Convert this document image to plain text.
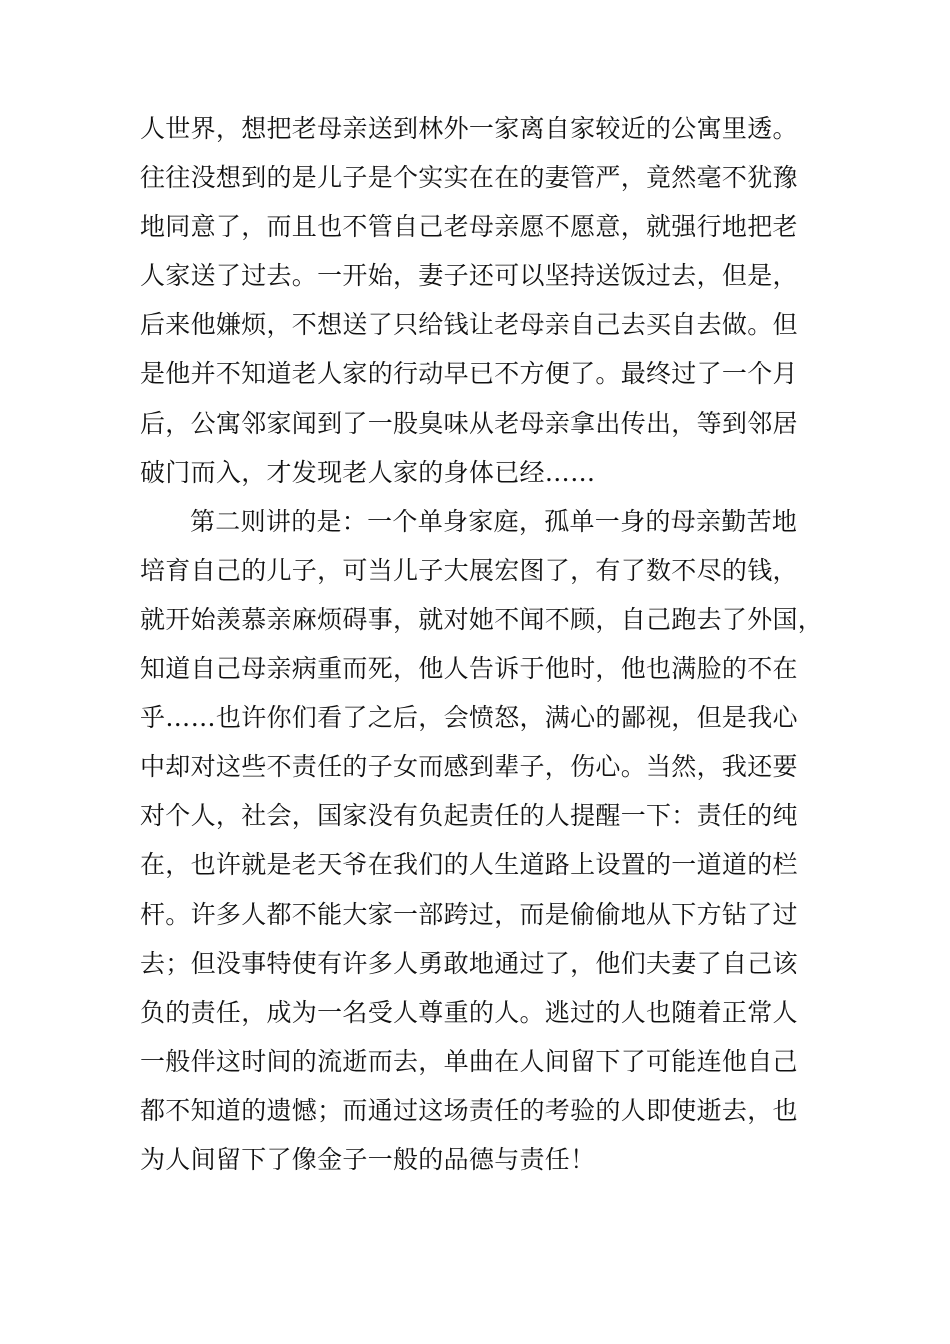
人世界，想把老母亲送到林外一家离自家较近的公寓里透。
往往没想到的是儿子是个实实在在的妻管严，竟然毫不犹豫
地同意了，而且也不管自己老母亲愿不愿意，就强行地把老
人家送了过去。一开始，妻子还可以坚持送饭过去，但是，
后来他嫌烦，不想送了只给钱让老母亲自己去买自去做。但
是他并不知道老人家的行动早已不方便了。最终过了一个月
后，公寓邻家闻到了一股臭味从老母亲拿出传出，等到邻居
破门而入，才发现老人家的身体已经……
第二则讲的是：一个单身家庭，孤单一身的母亲勤苦地
培育自己的儿子，可当儿子大展宏图了，有了数不尽的钱，
就开始羡慕亲麻烦碍事，就对她不闻不顾，自己跑去了外国，
知道自己母亲病重而死，他人告诉于他时，他也满脸的不在
乎……也许你们看了之后，会愤怒，满心的鄙视，但是我心
中却对这些不责任的子女而感到辈子，伤心。当然，我还要
对个人，社会，国家没有负起责任的人提醒一下：责任的纯
在，也许就是老天爷在我们的人生道路上设置的一道道的栏
杆。许多人都不能大家一部跨过，而是偷偷地从下方钻了过
去；但没事特使有许多人勇敢地通过了，他们夫妻了自己该
负的责任，成为一名受人尊重的人。逃过的人也随着正常人
一般伴这时间的流逝而去，单曲在人间留下了可能连他自己
都不知道的遗憾；而通过这场责任的考验的人即使逝去，也
为人间留下了像金子一般的品德与责任！
